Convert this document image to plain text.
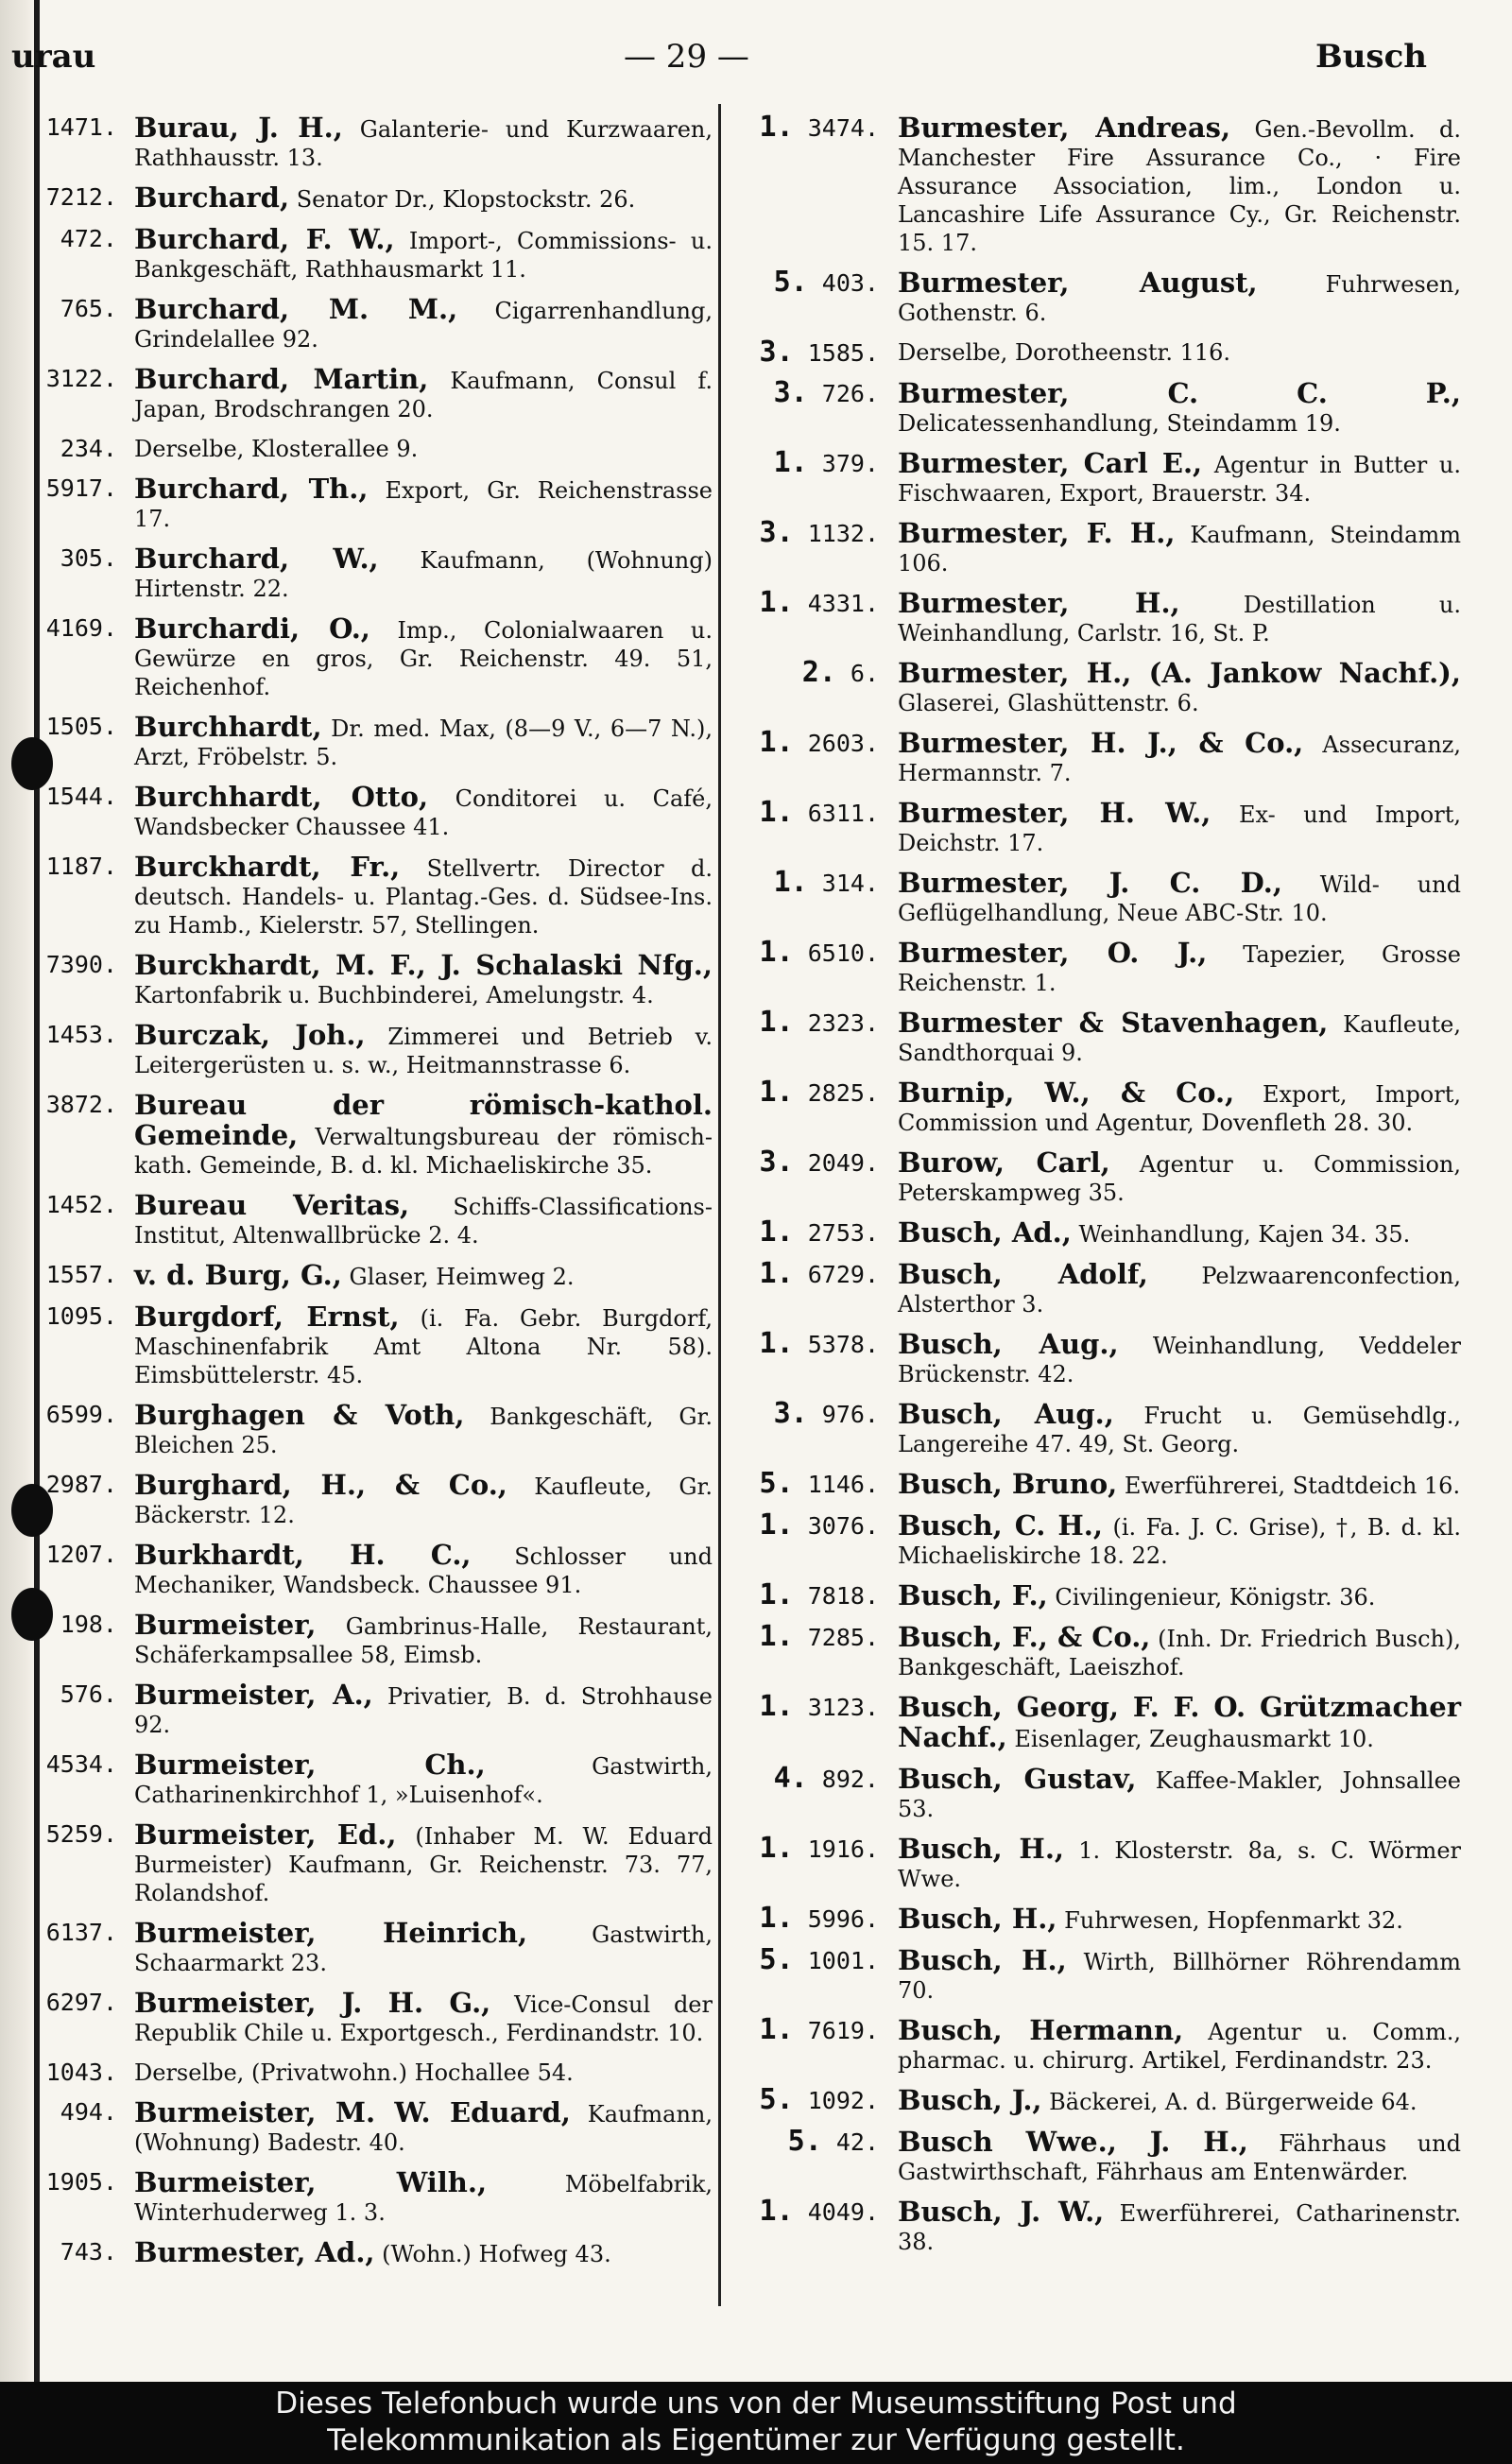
urau	— 29 —	Busch
1471. Burau, J. H., Galanterie- und Kurzwaaren, Rathhausstr. 13.
7212. Burchard, Senator Dr., Klopstockstr. 26.
472. Burchard, F. W., Import-, Commissions- u. Bankgeschäft, Rathhausmarkt 11.
765. Burchard, M. M., Cigarrenhandlung, Grindelallee 92.
3122. Burchard, Martin, Kaufmann, Consul f. Japan, Brodschrangen 20.
234. Derselbe, Klosterallee 9.
5917. Burchard, Th., Export, Gr. Reichenstrasse 17.
305. Burchard, W., Kaufmann, (Wohnung) Hirtenstr. 22.
4169. Burchardi, O., Imp., Colonialwaaren u. Gewürze en gros, Gr. Reichenstr. 49. 51, Reichenhof.
1505. Burchhardt, Dr. med. Max, (8—9 V., 6—7 N.), Arzt, Fröbelstr. 5.
1544. Burchhardt, Otto, Conditorei u. Café, Wandsbecker Chaussee 41.
1187. Burckhardt, Fr., Stellvertr. Director d. deutsch. Handels- u. Plantag.-Ges. d. Südsee-Ins. zu Hamb., Kielerstr. 57, Stellingen.
7390. Burckhardt, M. F., J. Schalaski Nfg., Kartonfabrik u. Buchbinderei, Amelungstr. 4.
1453. Burczak, Joh., Zimmerei und Betrieb v. Leitergerüsten u. s. w., Heitmannstrasse 6.
3872. Bureau der römisch-kathol. Gemeinde, Verwaltungsbureau der römisch-kath. Gemeinde, B. d. kl. Michaeliskirche 35.
1452. Bureau Veritas, Schiffs-Classifications-Institut, Altenwallbrücke 2. 4.
1557. v. d. Burg, G., Glaser, Heimweg 2.
1095. Burgdorf, Ernst, (i. Fa. Gebr. Burgdorf, Maschinenfabrik Amt Altona Nr. 58). Eimsbüttelerstr. 45.
6599. Burghagen & Voth, Bankgeschäft, Gr. Bleichen 25.
2987. Burghard, H., & Co., Kaufleute, Gr. Bäckerstr. 12.
1207. Burkhardt, H. C., Schlosser und Mechaniker, Wandsbeck. Chaussee 91.
198. Burmeister, Gambrinus-Halle, Restaurant, Schäferkampsallee 58, Eimsb.
576. Burmeister, A., Privatier, B. d. Strohhause 92.
4534. Burmeister, Ch.,	Gastwirth, Catharinenkirchhof 1, »Luisenhof«.
5259. Burmeister, Ed., (Inhaber M. W. Eduard Burmeister) Kaufmann, Gr. Reichenstr. 73. 77, Rolandshof.
6137. Burmeister, Heinrich,	Gastwirth, Schaarmarkt 23.
6297. Burmeister, J. H. G., Vice-Consul der Republik Chile u. Exportgesch., Ferdinandstr. 10.
1043. Derselbe, (Privatwohn.) Hochallee 54.
494. Burmeister, M. W. Eduard, Kaufmann, (Wohnung) Badestr. 40.
1905. Burmeister, Wilh.,	Möbelfabrik, Winterhuderweg 1. 3.
743. Burmester, Ad., (Wohn.) Hofweg 43.
1. 3474. Burmester, Andreas, Gen.-Bevollm. d. Manchester Fire Assurance Co., · Fire Assurance Association, lim., London u. Lancashire Life Assurance Cy., Gr. Reichenstr. 15. 17.
5. 403. Burmester, August,	Fuhrwesen, Gothenstr. 6.
3. 1585. Derselbe, Dorotheenstr. 116.
3. 726. Burmester, C. C. P., Delicatessenhandlung, Steindamm 19.
1. 379. Burmester, Carl E., Agentur in Butter u. Fischwaaren, Export, Brauerstr. 34.
3. 1132. Burmester, F. H., Kaufmann, Steindamm 106.
1. 4331. Burmester, H.,	Destillation u. Weinhandlung, Carlstr. 16, St. P.
2. 6. Burmester, H., (A. Jankow Nachf.), Glaserei, Glashüttenstr. 6.
1. 2603. Burmester, H. J., & Co., Assecuranz, Hermannstr. 7.
1. 6311. Burmester, H. W., Ex- und Import, Deichstr. 17.
1. 314. Burmester, J. C. D., Wild- und Geflügelhandlung, Neue ABC-Str. 10.
1. 6510. Burmester, O. J., Tapezier, Grosse Reichenstr. 1.
1. 2323. Burmester & Stavenhagen, Kaufleute, Sandthorquai 9.
1. 2825. Burnip, W., & Co., Export, Import, Commission und Agentur, Dovenfleth 28. 30.
3. 2049. Burow, Carl, Agentur u. Commission, Peterskampweg 35.
1. 2753. Busch, Ad., Weinhandlung, Kajen 34. 35.
1. 6729. Busch, Adolf, Pelzwaarenconfection, Alsterthor 3.
1. 5378. Busch, Aug., Weinhandlung, Veddeler Brückenstr. 42.
3. 976. Busch, Aug., Frucht u. Gemüsehdlg., Langereihe 47. 49, St. Georg.
5. 1146. Busch, Bruno, Ewerführerei, Stadtdeich 16.
1. 3076. Busch, C. H., (i. Fa. J. C. Grise), †, B. d. kl. Michaeliskirche 18. 22.
1. 7818. Busch, F., Civilingenieur, Königstr. 36.
1. 7285. Busch, F., & Co., (Inh. Dr. Friedrich Busch), Bankgeschäft, Laeiszhof.
1. 3123. Busch, Georg, F. F. O. Grützmacher Nachf., Eisenlager, Zeughausmarkt 10.
4. 892. Busch, Gustav, Kaffee-Makler, Johnsallee 53.
1. 1916. Busch, H., 1. Klosterstr. 8a, s. C. Wörmer Wwe.
1. 5996. Busch, H., Fuhrwesen, Hopfenmarkt 32.
5. 1001. Busch, H., Wirth, Billhörner Röhrendamm 70.
1. 7619. Busch, Hermann, Agentur u. Comm., pharmac. u. chirurg. Artikel, Ferdinandstr. 23.
5. 1092. Busch, J., Bäckerei, A. d. Bürgerweide 64.
5. 42. Busch Wwe., J. H., Fährhaus und Gastwirthschaft, Fährhaus am Entenwärder.
1. 4049. Busch, J. W., Ewerführerei, Catharinenstr. 38.
Dieses Telefonbuch wurde uns von der Museumsstiftung Post und
Telekommunikation als Eigentümer zur Verfügung gestellt.
